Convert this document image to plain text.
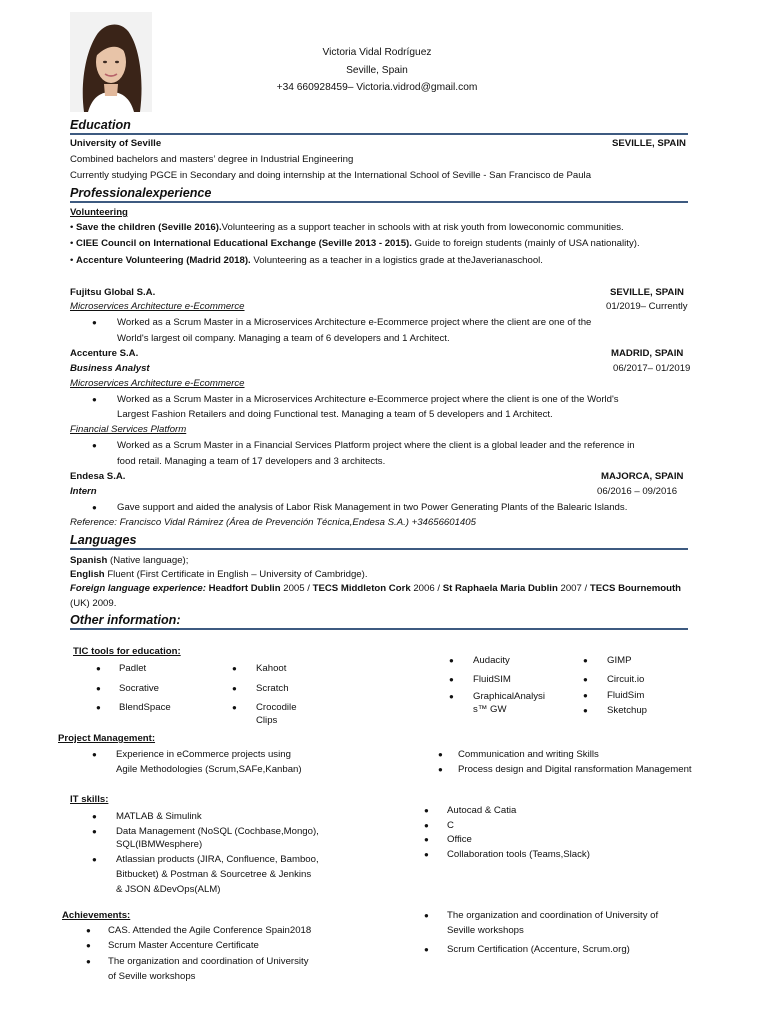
Victoria Vidal Rodríguez
Seville, Spain
+34 660928459– Victoria.vidrod@gmail.com
Education
University of Seville	SEVILLE, SPAIN
Combined bachelors and masters’ degree in Industrial Engineering
Currently studying PGCE in Secondary and doing internship at the International School of Seville - San Francisco de Paula
Professionalexperience
Volunteering
• Save the children (Seville 2016).Volunteering as a support teacher in schools with at risk youth from loweconomic communities.
• CIEE Council on International Educational Exchange (Seville 2013 - 2015). Guide to foreign students (mainly of USA nationality).
• Accenture Volunteering (Madrid 2018). Volunteering as a teacher in a logistics grade at theJaverianaschool.
Fujitsu Global S.A.	SEVILLE, SPAIN
Microservices Architecture e-Ecommerce	01/2019– Currently
● Worked as a Scrum Master in a Microservices Architecture e-Ecommerce project where the client are one of the
World's largest oil company. Managing a team of 6 developers and 1 Architect.
Accenture S.A.	MADRID, SPAIN
Business Analyst	06/2017– 01/2019
Microservices Architecture e-Ecommerce
● Worked as a Scrum Master in a Microservices Architecture e-Ecommerce project where the client is one of the World's
Largest Fashion Retailers and doing Functional test. Managing a team of 5 developers and 1 Architect.
Financial Services Platform
● Worked as a Scrum Master in a Financial Services Platform project where the client is a global leader and the reference in
food retail. Managing a team of 17 developers and 3 architects.
Endesa S.A.	MAJORCA, SPAIN
Intern	06/2016 – 09/2016
● Gave support and aided the analysis of Labor Risk Management in two Power Generating Plants of the Balearic Islands.
Reference: Francisco Vidal Rámirez (Área de Prevención Técnica,Endesa S.A.) +34656601405
Languages
Spanish (Native language);
English Fluent (First Certificate in English – University of Cambridge).
Foreign language experience: Headfort Dublin 2005 / TECS Middleton Cork 2006 / St Raphaela Maria Dublin 2007 / TECS Bournemouth
(UK) 2009.
Other information:
TIC tools for education:
● Padlet
● Socrative
● BlendSpace
● Kahoot
● Scratch
● Crocodile
Clips
● Audacity
● FluidSIM
● GraphicalAnalysi
s™ GW
● GIMP
● Circuit.io
● FluidSim
● Sketchup
Project Management:
● Experience in eCommerce projects using
Agile Methodologies (Scrum,SAFe,Kanban)
● Communication and writing Skills
● Process design and Digital ransformation Management
IT skills:
● MATLAB & Simulink
● Data Management (NoSQL (Cochbase,Mongo),
SQL(IBMWesphere)
● Atlassian products (JIRA, Confluence, Bamboo,
Bitbucket) & Postman & Sourcetree & Jenkins
& JSON &DevOps(ALM)
● Autocad & Catia
● C
● Office
● Collaboration tools (Teams,Slack)
Achievements:
● CAS. Attended the Agile Conference Spain2018
● Scrum Master Accenture Certificate
● The organization and coordination of University
of Seville workshops
● The organization and coordination of University of
Seville workshops
● Scrum Certification (Accenture, Scrum.org)
